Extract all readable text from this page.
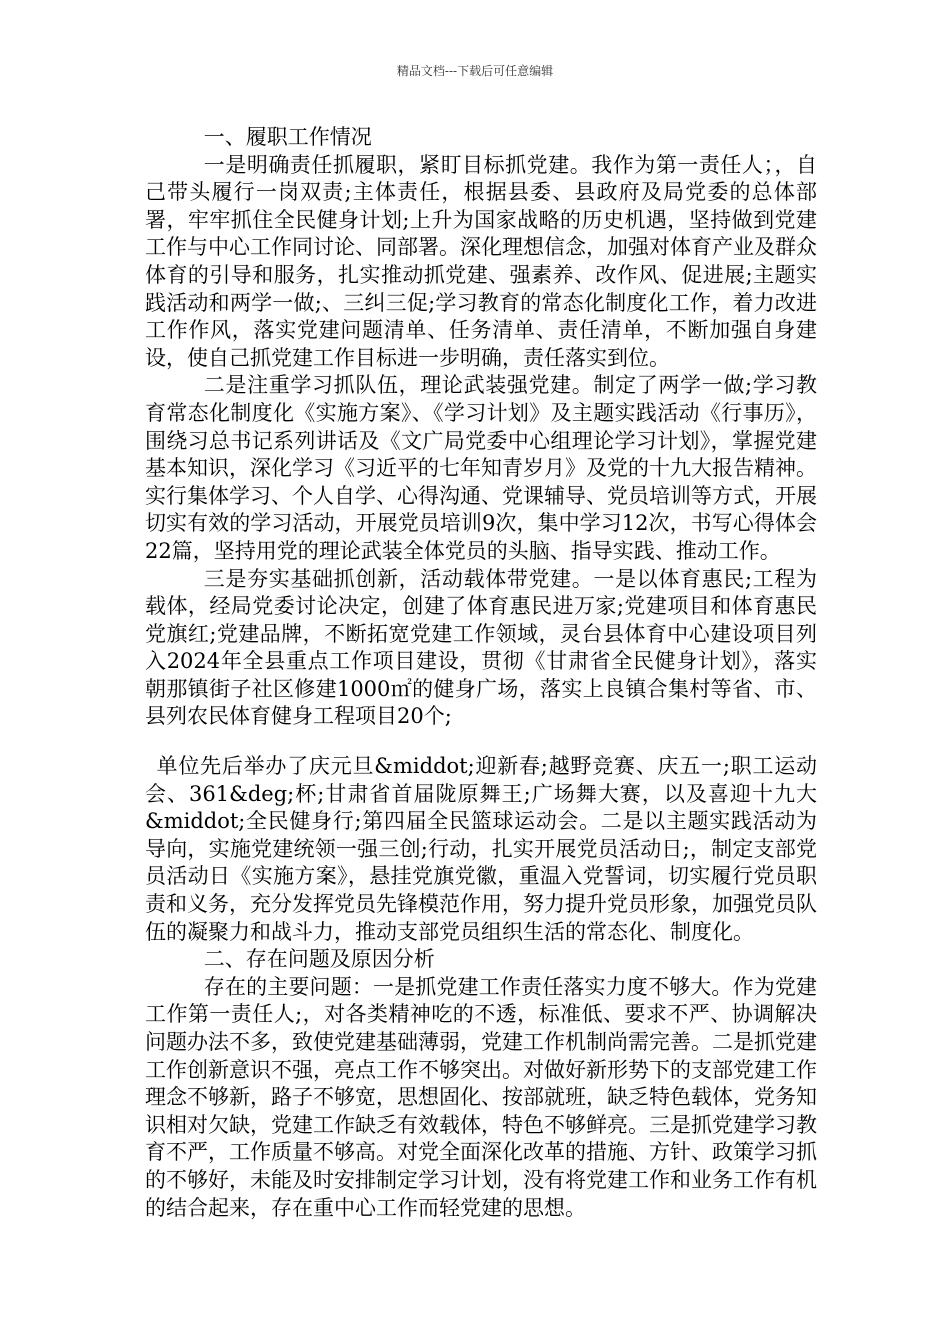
精品文档---下载后可任意编辑

一、履职工作情况

一是明确责任抓履职，紧盯目标抓党建。我作为第一责任人；，自己带头履行一岗双责;主体责任，根据县委、县政府及局党委的总体部署，牢牢抓住全民健身计划;上升为国家战略的历史机遇，坚持做到党建工作与中心工作同讨论、同部署。深化理想信念，加强对体育产业及群众体育的引导和服务，扎实推动抓党建、强素养、改作风、促进展;主题实践活动和两学一做;、三纠三促;学习教育的常态化制度化工作，着力改进工作作风，落实党建问题清单、任务清单、责任清单，不断加强自身建设，使自己抓党建工作目标进一步明确，责任落实到位。

二是注重学习抓队伍，理论武装强党建。制定了两学一做;学习教育常态化制度化《实施方案》、《学习计划》及主题实践活动《行事历》，围绕习总书记系列讲话及《文广局党委中心组理论学习计划》，掌握党建基本知识，深化学习《习近平的七年知青岁月》及党的十九大报告精神。实行集体学习、个人自学、心得沟通、党课辅导、党员培训等方式，开展切实有效的学习活动，开展党员培训9次，集中学习12次，书写心得体会22篇，坚持用党的理论武装全体党员的头脑、指导实践、推动工作。

三是夯实基础抓创新，活动载体带党建。一是以体育惠民;工程为载体，经局党委讨论决定，创建了体育惠民进万家;党建项目和体育惠民党旗红;党建品牌，不断拓宽党建工作领域，灵台县体育中心建设项目列入2024年全县重点工作项目建设，贯彻《甘肃省全民健身计划》，落实朝那镇街子社区修建1000㎡的健身广场，落实上良镇合集村等省、市、县列农民体育健身工程项目20个;

单位先后举办了庆元旦&middot;迎新春;越野竞赛、庆五一;职工运动会、361&deg;杯;甘肃省首届陇原舞王;广场舞大赛，以及喜迎十九大&middot;全民健身行;第四届全民篮球运动会。二是以主题实践活动为导向，实施党建统领一强三创;行动，扎实开展党员活动日;，制定支部党员活动日《实施方案》，悬挂党旗党徽，重温入党誓词，切实履行党员职责和义务，充分发挥党员先锋模范作用，努力提升党员形象，加强党员队伍的凝聚力和战斗力，推动支部党员组织生活的常态化、制度化。

二、存在问题及原因分析

存在的主要问题：一是抓党建工作责任落实力度不够大。作为党建工作第一责任人;，对各类精神吃的不透，标准低、要求不严、协调解决问题办法不多，致使党建基础薄弱，党建工作机制尚需完善。二是抓党建工作创新意识不强，亮点工作不够突出。对做好新形势下的支部党建工作理念不够新，路子不够宽，思想固化、按部就班，缺乏特色载体，党务知识相对欠缺，党建工作缺乏有效载体，特色不够鲜亮。三是抓党建学习教育不严，工作质量不够高。对党全面深化改革的措施、方针、政策学习抓的不够好，未能及时安排制定学习计划，没有将党建工作和业务工作有机的结合起来，存在重中心工作而轻党建的思想。
